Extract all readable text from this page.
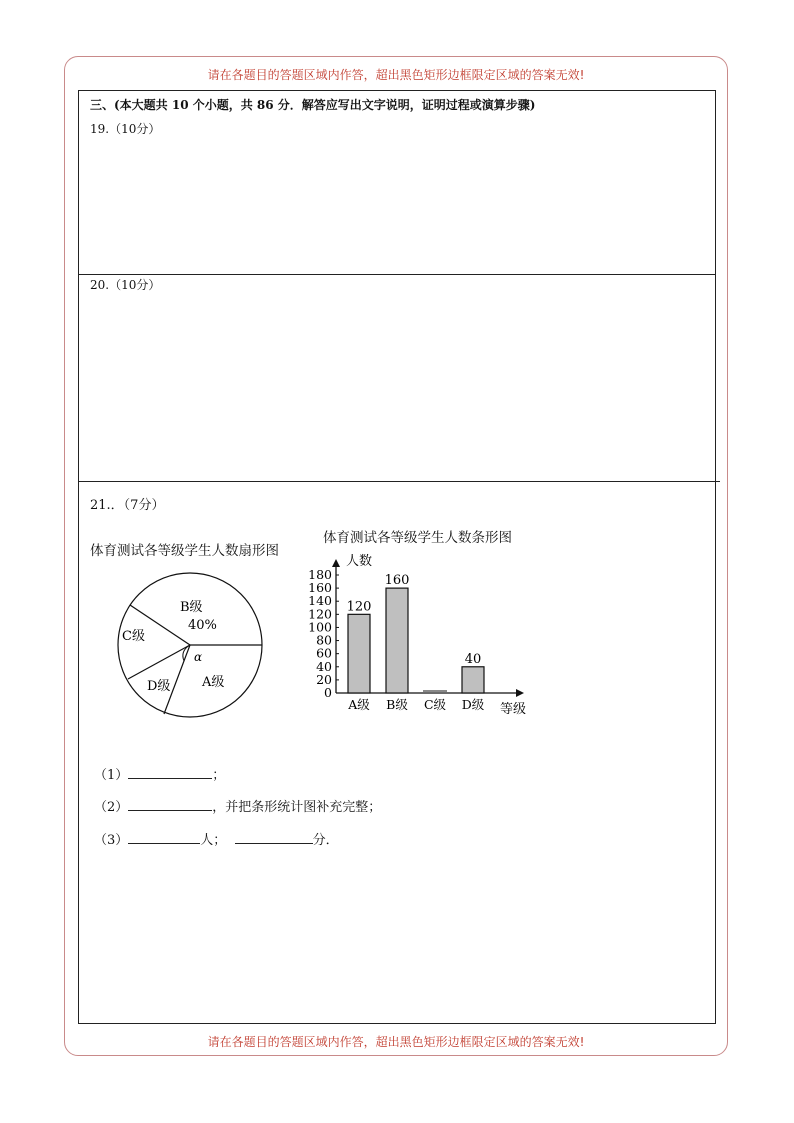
请在各题目的答题区域内作答，超出黑色矩形边框限定区域的答案无效!
请在各题目的答题区域内作答，超出黑色矩形边框限定区域的答案无效!
三、(本大题共 10 个小题，共 86 分．解答应写出文字说明，证明过程或演算步骤)
19.（10分）
20.（10分）
21.．（7分）
体育测试各等级学生人数扇形图
B级
40%
C级
D级 A级
α
体育测试各等级学生人数条形图
人数
等级
0
20
40
60
80
100
120
140
160
180
120
A级
160
B级 C级
40
D级
（1）	；
（2）	，并把条形统计图补充完整；
（3）	人；	分．
